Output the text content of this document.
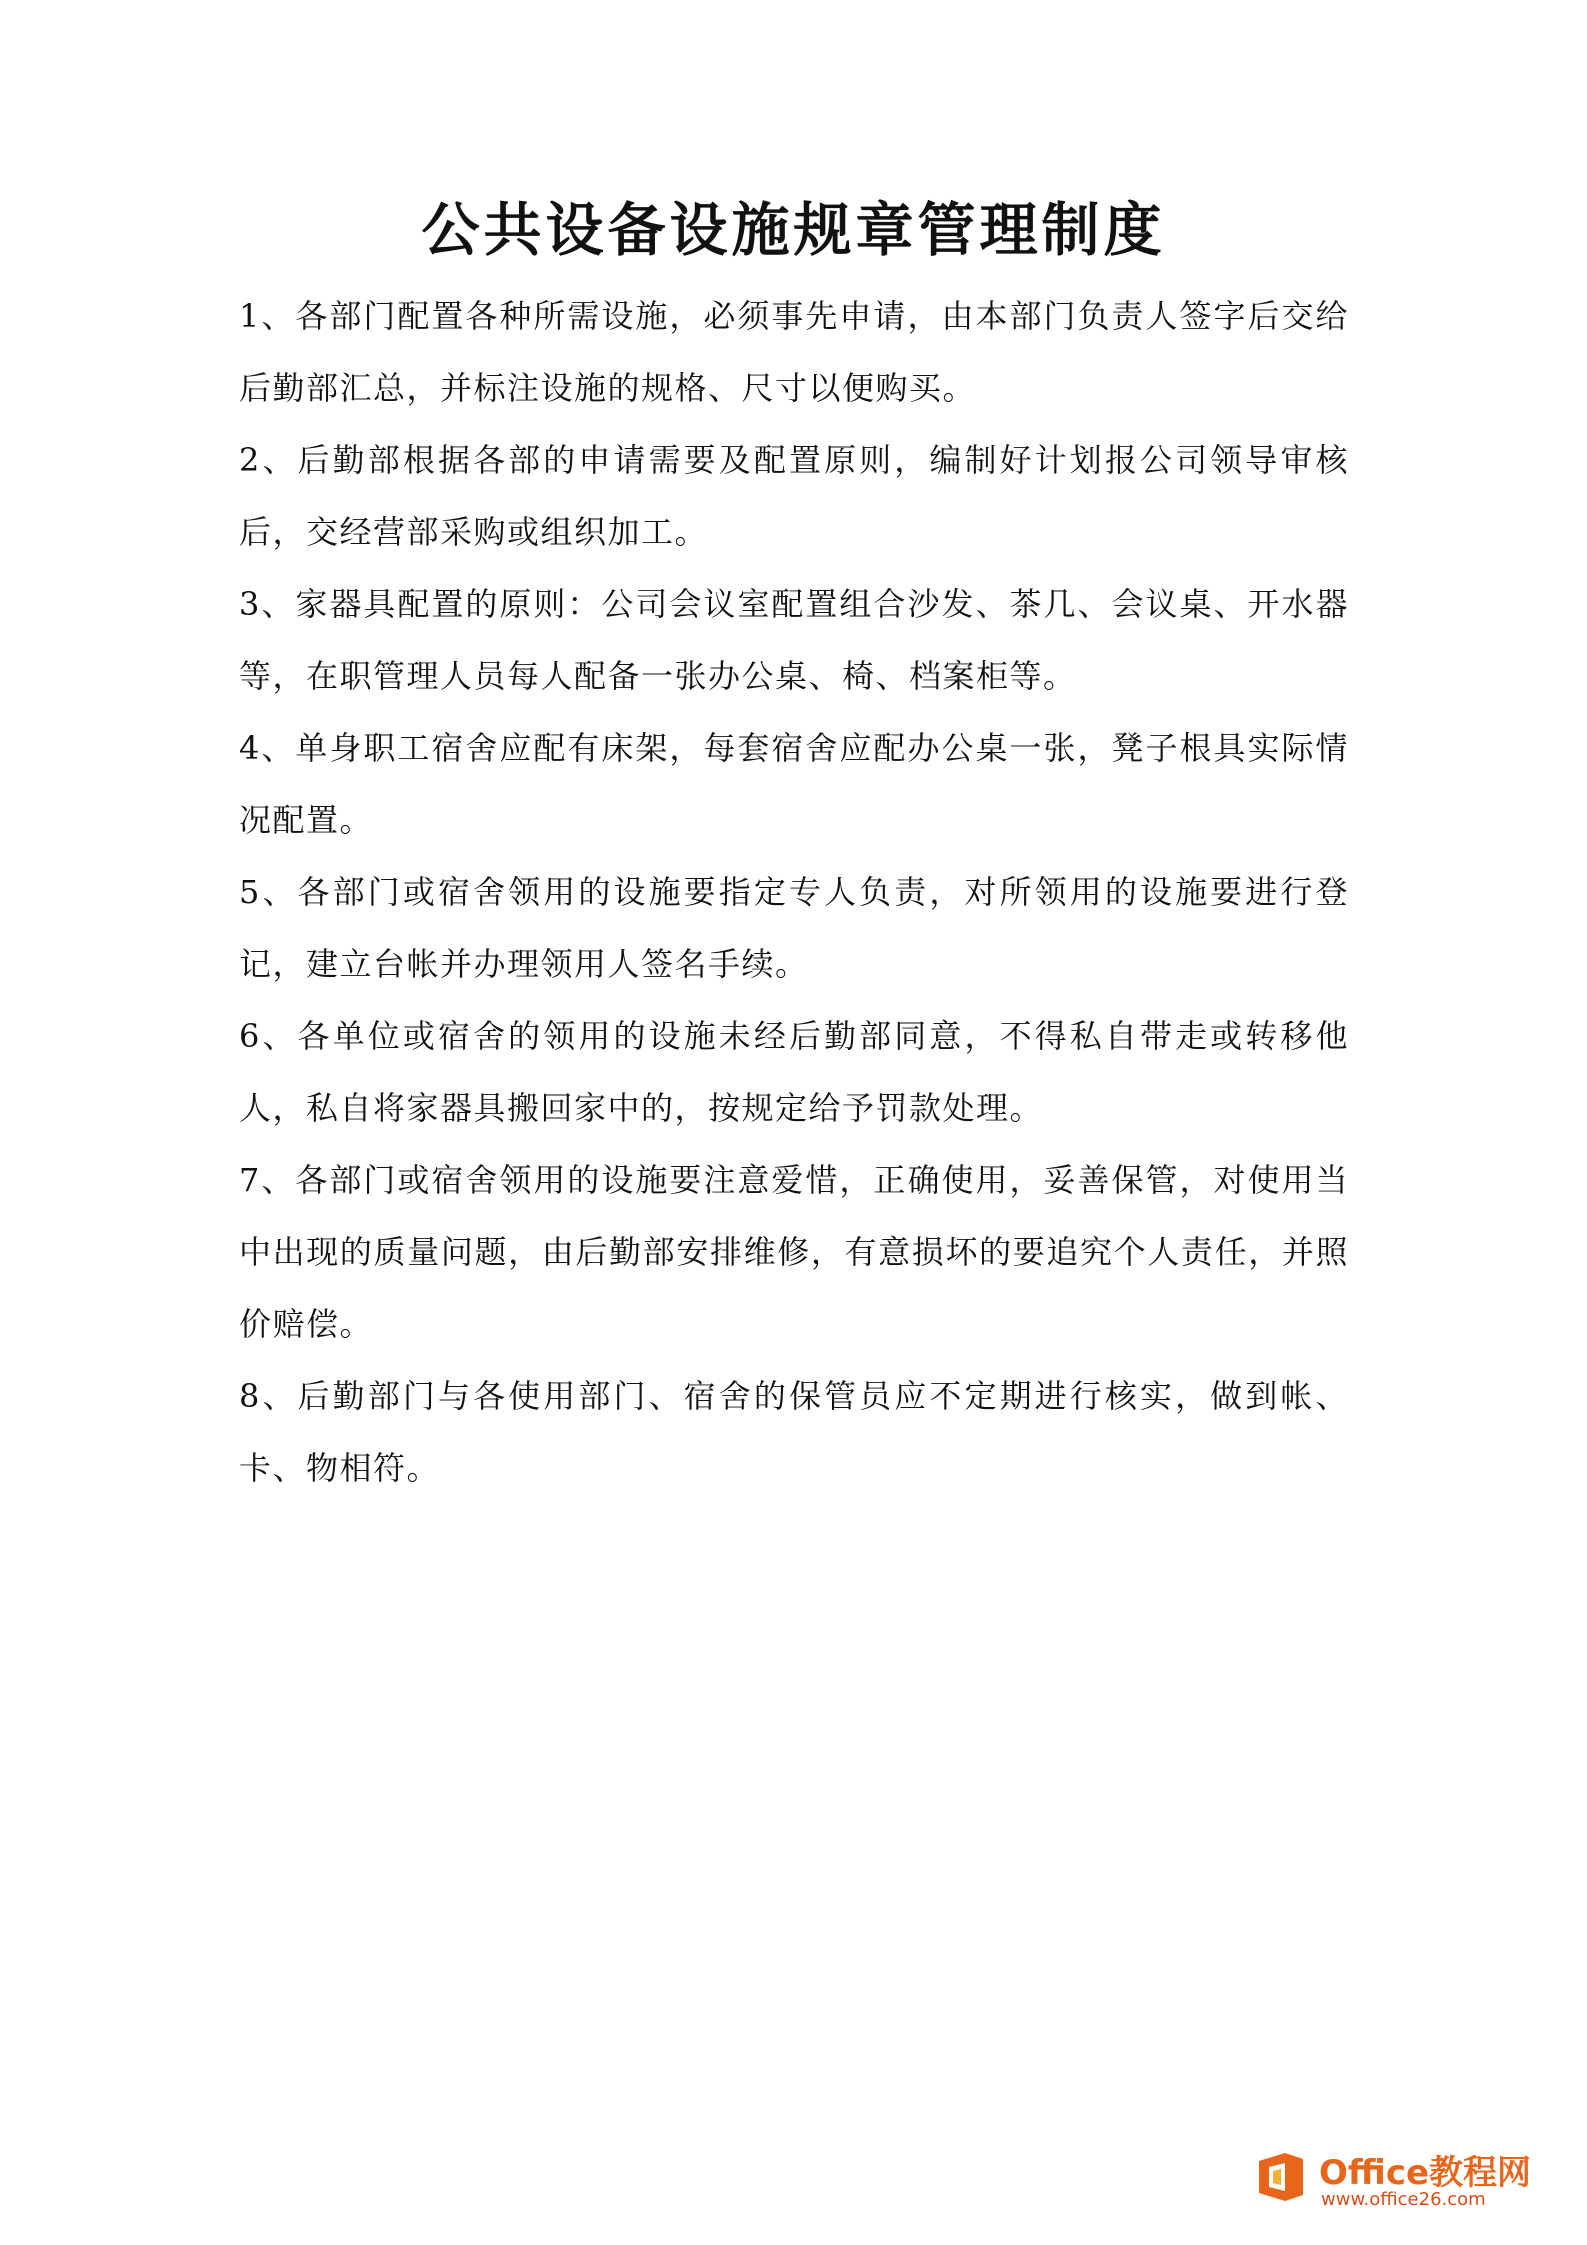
公共设备设施规章管理制度

1、各部门配置各种所需设施，必须事先申请，由本部门负责人签字后交给后勤部汇总，并标注设施的规格、尺寸以便购买。

2、后勤部根据各部的申请需要及配置原则，编制好计划报公司领导审核后，交经营部采购或组织加工。

3、家器具配置的原则：公司会议室配置组合沙发、茶几、会议桌、开水器等，在职管理人员每人配备一张办公桌、椅、档案柜等。

4、单身职工宿舍应配有床架，每套宿舍应配办公桌一张，凳子根具实际情况配置。

5、各部门或宿舍领用的设施要指定专人负责，对所领用的设施要进行登记，建立台帐并办理领用人签名手续。

6、各单位或宿舍的领用的设施未经后勤部同意，不得私自带走或转移他人，私自将家器具搬回家中的，按规定给予罚款处理。

7、各部门或宿舍领用的设施要注意爱惜，正确使用，妥善保管，对使用当中出现的质量问题，由后勤部安排维修，有意损坏的要追究个人责任，并照价赔偿。

8、后勤部门与各使用部门、宿舍的保管员应不定期进行核实，做到帐、卡、物相符。

Office教程网
www.office26.com
